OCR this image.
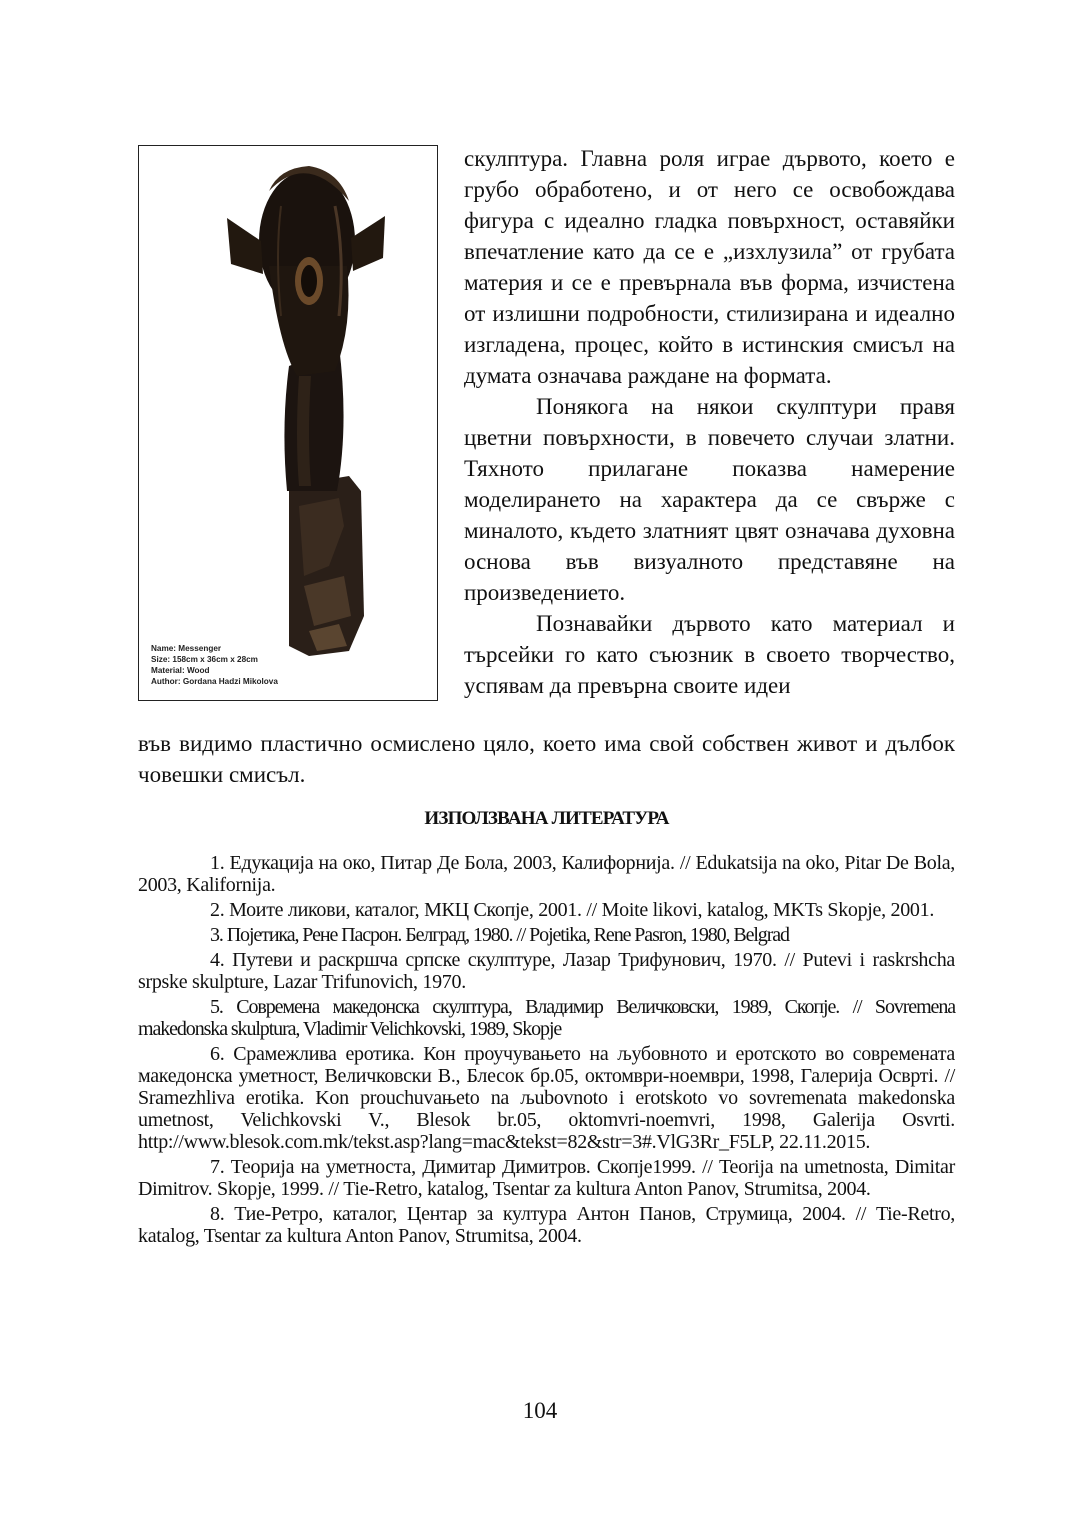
Name: Messenger
Size: 158cm x 36cm x 28cm
Material: Wood
Author: Gordana Hadzi Mikolova

скулптура. Главна роля играе дървото, което е грубо обработено, и от него се освобождава фигура с идеално гладка повърхност, оставяйки впечатление като да се е „изхлузила” от грубата материя и се е превърнала във форма, изчистена от излишни подробности, стилизирана и идеално изгладена, процес, който в истинския смисъл на думата означава раждане на формата.

Понякога на някои скулптури правя цветни повърхности, в повечето случаи златни. Тяхното прилагане показва намерение моделирането на характера да се свърже с миналото, където златният цвят означава духовна основа във визуалното представяне на произведението.

Познавайки дървото като материал и търсейки го като съюзник в своето творчество, успявам да превърна своите идеи

във видимо пластично осмислено цяло, което има свой собствен живот и дълбок човешки смисъл.

ИЗПОЛЗВАНА ЛИТЕРАТУРА

1. Едукација на око, Питар Де Бола, 2003, Калифорнија. // Edukatsija na oko, Pitar De Bola, 2003, Kalifornija.

2. Моите ликови, каталог, МКЦ Скопје, 2001. // Moite likovi, katalog, MKTs Skopje, 2001.

3. Појетика, Рене Пасрон. Белград, 1980. // Pojetika, Rene Pasron, 1980, Belgrad

4. Путеви и раскршча српске скулптуре, Лазар Трифунович, 1970. // Putevi i raskrshcha srpske skulpture, Lazar Trifunovich, 1970.

5. Современа македонска скулптура, Владимир Величковски, 1989, Скопје. // Sovremena makedonska skulptura, Vladimir Velichkovski, 1989, Skopje

6. Срамежлива еротика. Кон проучувањето на љубовното и еротското во современата македонска уметност, Величковски В., Блесок бр.05, октомври-ноември, 1998, Галерија Освртi. // Sramezhliva erotika. Kon prouchuvањeto na љubovnoto i erotskoto vo sovremenata makedonska umetnost, Velichkovski V., Blesok br.05, oktomvri-noemvri, 1998, Galerija Osvrti. http://www.blesok.com.mk/tekst.asp?lang=mac&tekst=82&str=3#.VlG3Rr_F5LP, 22.11.2015.

7. Теорија на уметноста, Димитар Димитров. Скопје1999. // Teorija na umetnosta, Dimitar Dimitrov. Skopje, 1999. // Tie-Retro, katalog, Tsentar za kultura Anton Panov, Strumitsa, 2004.

8. Тие-Ретро, каталог, Центар за култура Антон Панов, Струмица, 2004. // Tie-Retro, katalog, Tsentar za kultura Anton Panov, Strumitsa, 2004.

104
